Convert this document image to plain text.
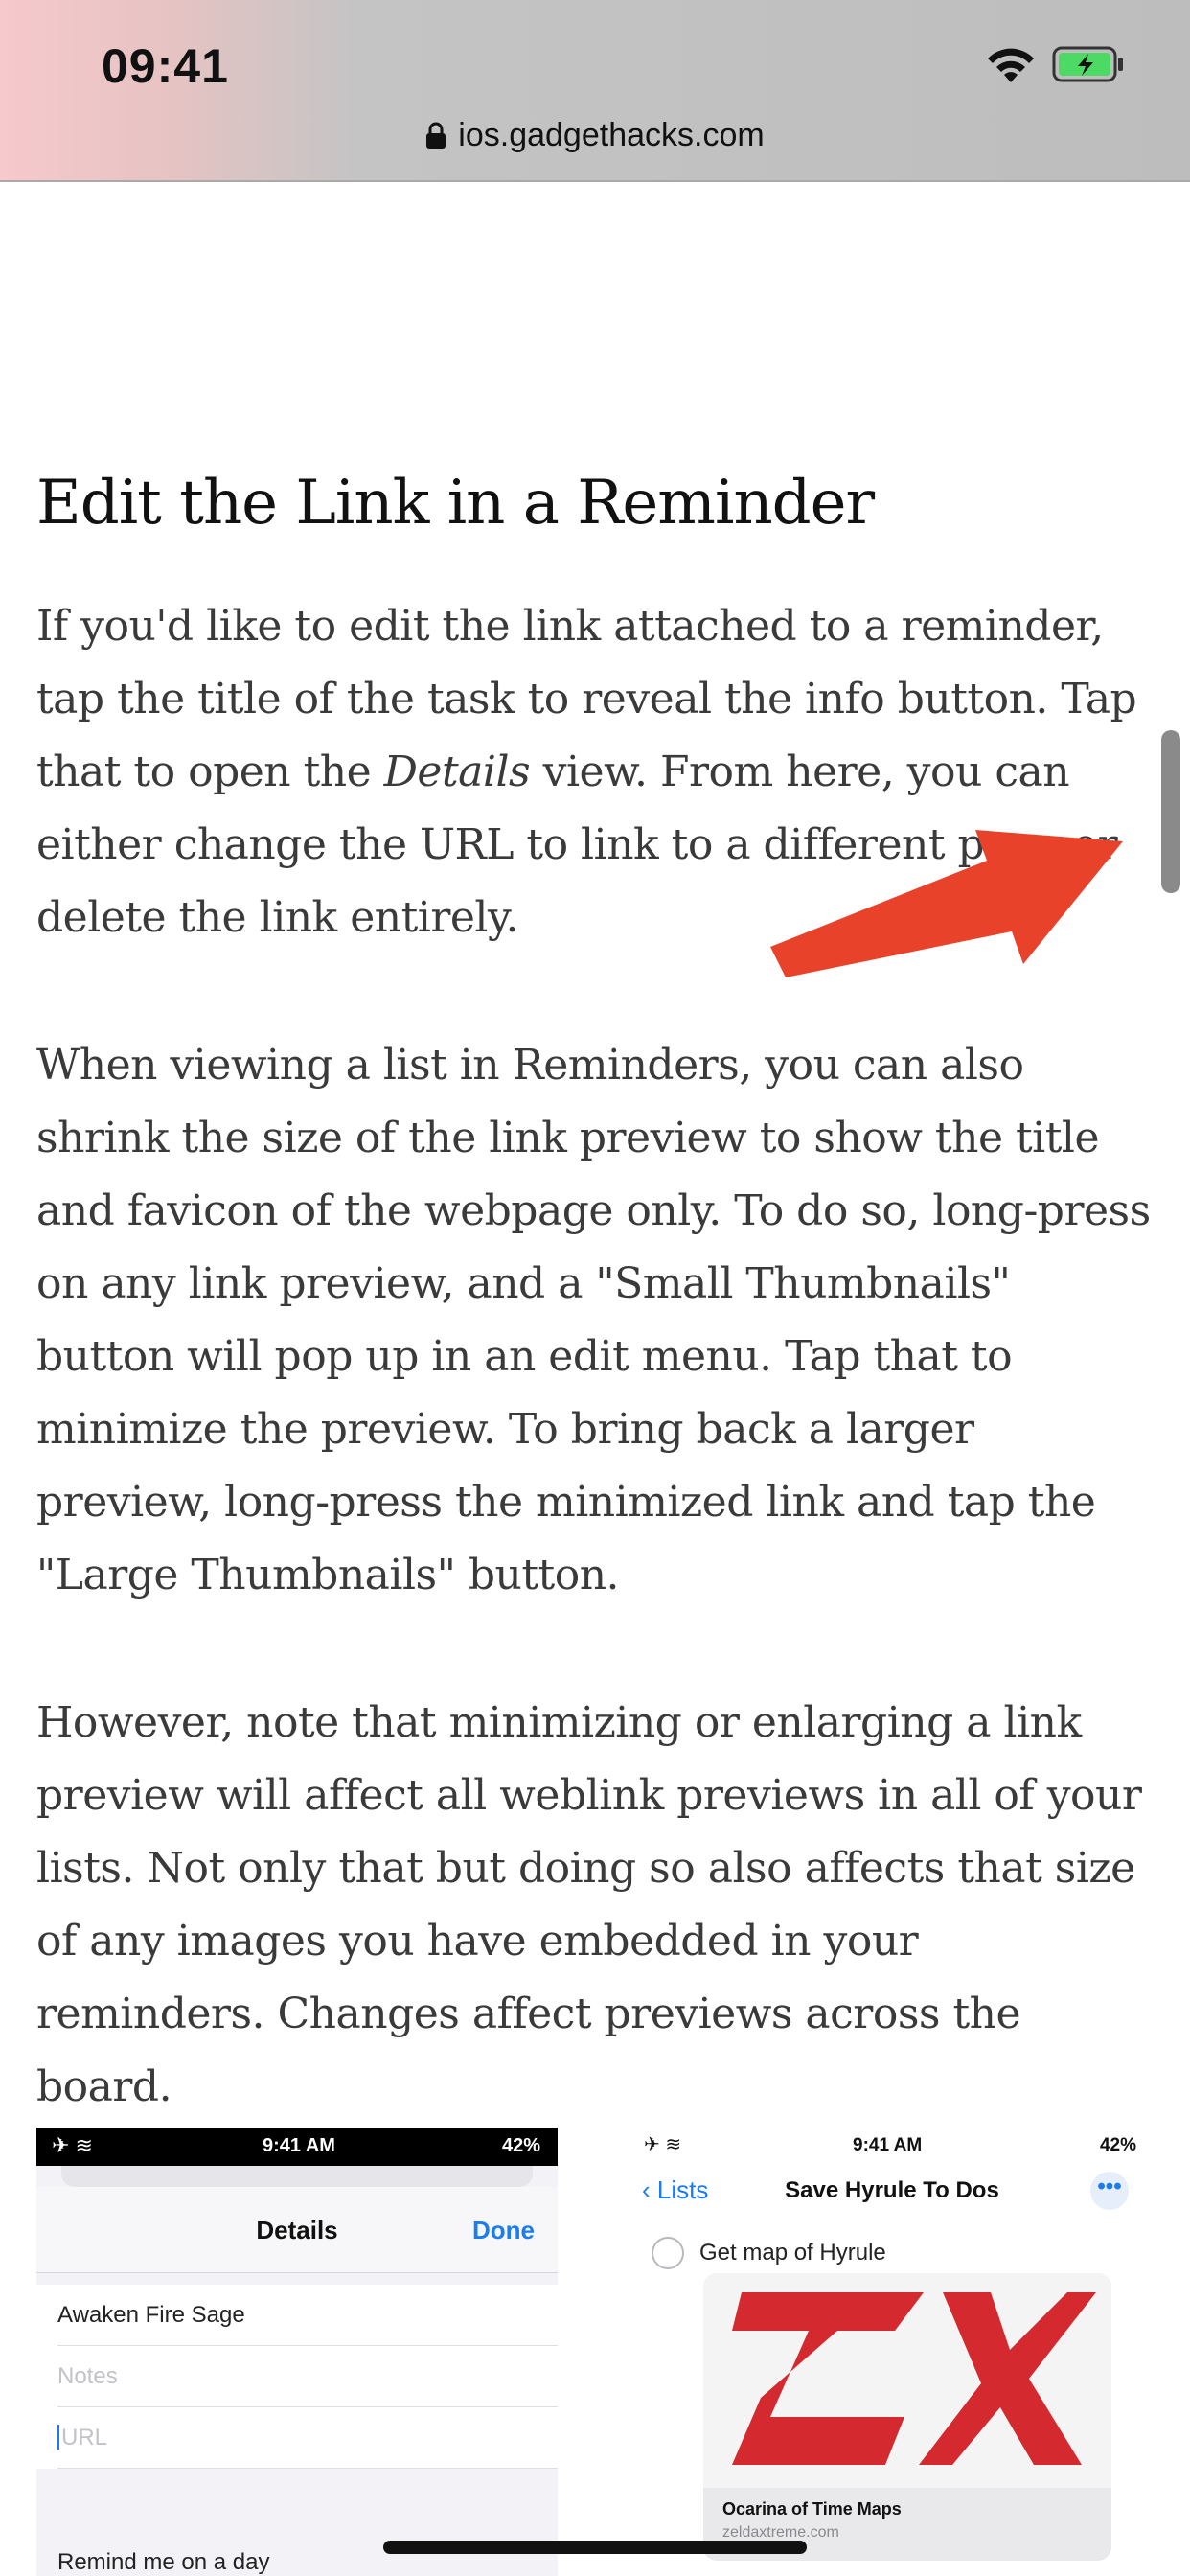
09:41
ios.gadgethacks.com
Edit the Link in a Reminder

If you'd like to edit the link attached to a reminder, tap the title of the task to reveal the info button. Tap that to open the Details view. From here, you can either change the URL to link to a different page or delete the link entirely.

When viewing a list in Reminders, you can also shrink the size of the link preview to show the title and favicon of the webpage only. To do so, long-press on any link preview, and a "Small Thumbnails" button will pop up in an edit menu. Tap that to minimize the preview. To bring back a larger preview, long-press the minimized link and tap the "Large Thumbnails" button.

However, note that minimizing or enlarging a link preview will affect all weblink previews in all of your lists. Not only that but doing so also affects that size of any images you have embedded in your reminders. Changes affect previews across the board.

✈ ≋	9:41 AM	42%
Details	Done
Awaken Fire Sage
Notes
URL
Remind me on a day
✈ ≋	9:41 AM	42%
‹ Lists	Save Hyrule To Dos	•••
Get map of Hyrule
Ocarina of Time Maps
zeldaxtreme.com
